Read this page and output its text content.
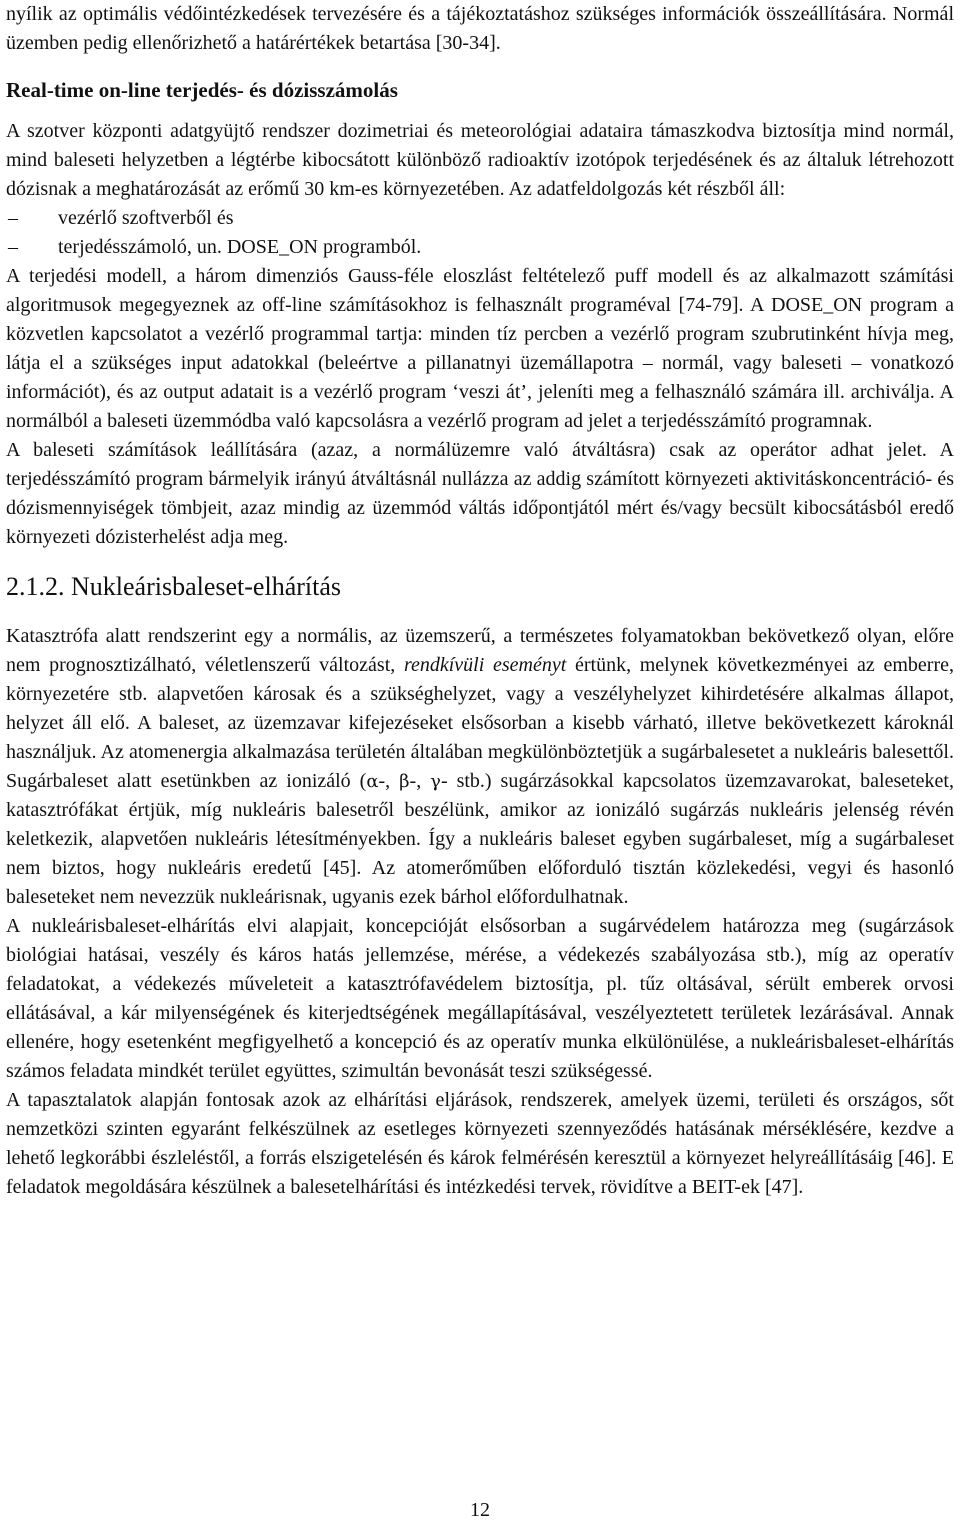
nyílik az optimális védőintézkedések tervezésére és a tájékoztatáshoz szükséges információk összeállítására. Normál üzemben pedig ellenőrizhető a határértékek betartása [30-34].

Real-time on-line terjedés- és dózisszámolás

A szotver központi adatgyüjtő rendszer dozimetriai és meteorológiai adataira támaszkodva biztosítja mind normál, mind baleseti helyzetben a légtérbe kibocsátott különböző radioaktív izotópok terjedésének és az általuk létrehozott dózisnak a meghatározását az erőmű 30 km-es környezetében. Az adatfeldolgozás két részből áll:

–	vezérlő szoftverből és
–	terjedésszámoló, un. DOSE_ON programból.

A terjedési modell, a három dimenziós Gauss-féle eloszlást feltételező puff modell és az alkalmazott számítási algoritmusok megegyeznek az off-line számításokhoz is felhasznált programéval [74-79]. A DOSE_ON program a közvetlen kapcsolatot a vezérlő programmal tartja: minden tíz percben a vezérlő program szubrutinként hívja meg, látja el a szükséges input adatokkal (beleértve a pillanatnyi üzemállapotra – normál, vagy baleseti – vonatkozó információt), és az output adatait is a vezérlő program ‘veszi át’, jeleníti meg a felhasználó számára ill. archiválja. A normálból a baleseti üzemmódba való kapcsolásra a vezérlő program ad jelet a terjedésszámító programnak.

A baleseti számítások leállítására (azaz, a normálüzemre való átváltásra) csak az operátor adhat jelet. A terjedésszámító program bármelyik irányú átváltásnál nullázza az addig számított környezeti aktivitáskoncentráció- és dózismennyiségek tömbjeit, azaz mindig az üzemmód váltás időpontjától mért és/vagy becsült kibocsátásból eredő környezeti dózisterhelést adja meg.

2.1.2. Nukleárisbaleset-elhárítás

Katasztrófa alatt rendszerint egy a normális, az üzemszerű, a természetes folyamatokban bekövetkező olyan, előre nem prognosztizálható, véletlenszerű változást, rendkívüli eseményt értünk, melynek következményei az emberre, környezetére stb. alapvetően károsak és a szükséghelyzet, vagy a veszélyhelyzet kihirdetésére alkalmas állapot, helyzet áll elő. A baleset, az üzemzavar kifejezéseket elsősorban a kisebb várható, illetve bekövetkezett károknál használjuk. Az atomenergia alkalmazása területén általában megkülönböztetjük a sugárbalesetet a nukleáris balesettől. Sugárbaleset alatt esetünkben az ionizáló (α-, β-, γ- stb.) sugárzásokkal kapcsolatos üzemzavarokat, baleseteket, katasztrófákat értjük, míg nukleáris balesetről beszélünk, amikor az ionizáló sugárzás nukleáris jelenség révén keletkezik, alapvetően nukleáris létesítményekben. Így a nukleáris baleset egyben sugárbaleset, míg a sugárbaleset nem biztos, hogy nukleáris eredetű [45]. Az atomerőműben előforduló tisztán közlekedési, vegyi és hasonló baleseteket nem nevezzük nukleárisnak, ugyanis ezek bárhol előfordulhatnak.

A nukleárisbaleset-elhárítás elvi alapjait, koncepcióját elsősorban a sugárvédelem határozza meg (sugárzások biológiai hatásai, veszély és káros hatás jellemzése, mérése, a védekezés szabályozása stb.), míg az operatív feladatokat, a védekezés műveleteit a katasztrófavédelem biztosítja, pl. tűz oltásával, sérült emberek orvosi ellátásával, a kár milyenségének és kiterjedtségének megállapításával, veszélyeztetett területek lezárásával. Annak ellenére, hogy esetenként megfigyelhető a koncepció és az operatív munka elkülönülése, a nukleárisbaleset-elhárítás számos feladata mindkét terület együttes, szimultán bevonását teszi szükségessé.

A tapasztalatok alapján fontosak azok az elhárítási eljárások, rendszerek, amelyek üzemi, területi és országos, sőt nemzetközi szinten egyaránt felkészülnek az esetleges környezeti szennyeződés hatásának mérséklésére, kezdve a lehető legkorábbi észleléstől, a forrás elszigetelésén és károk felmérésén keresztül a környezet helyreállításáig [46]. E feladatok megoldására készülnek a balesetelhárítási és intézkedési tervek, rövidítve a BEIT-ek [47].

12
